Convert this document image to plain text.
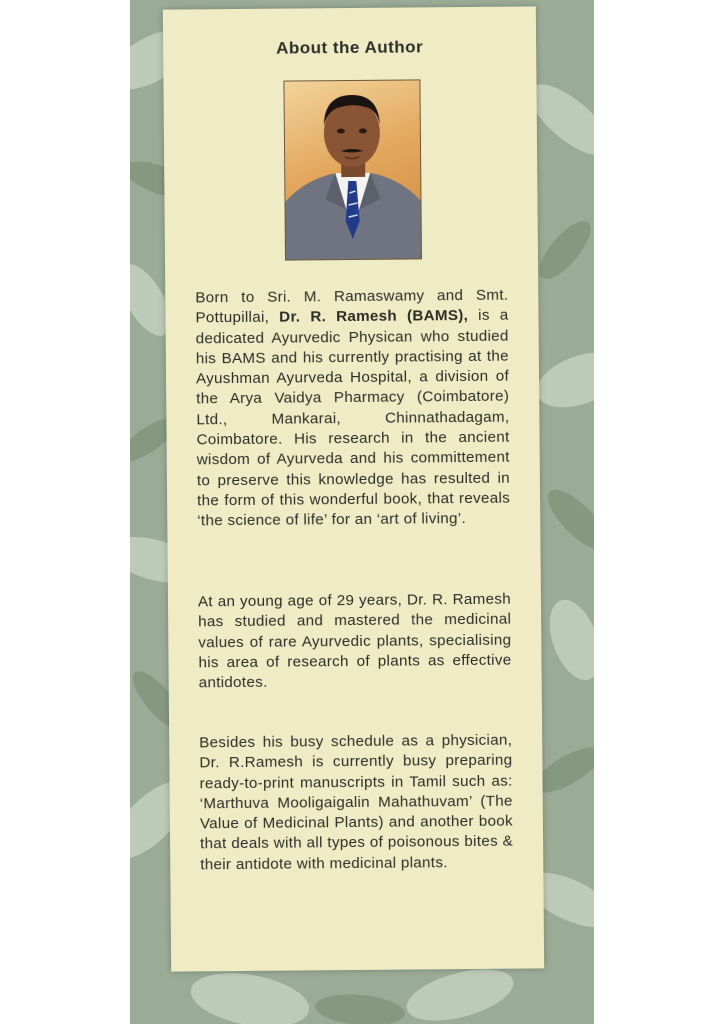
About the Author

Born to Sri. M. Ramaswamy and Smt. Pottupillai, Dr. R. Ramesh (BAMS), is a dedicated Ayurvedic Physican who studied his BAMS and his currently practising at the Ayushman Ayurveda Hospital, a division of the Arya Vaidya Pharmacy (Coimbatore) Ltd., Mankarai, Chinnathadagam, Coimbatore. His research in the ancient wisdom of Ayurveda and his committement to preserve this knowledge has resulted in the form of this wonderful book, that reveals ‘the science of life’ for an ‘art of living’.

At an young age of 29 years, Dr. R. Ramesh has studied and mastered the medicinal values of rare Ayurvedic plants, specialising his area of research of plants as effective antidotes.

Besides his busy schedule as a physician, Dr. R.Ramesh is currently busy preparing ready-to-print manuscripts in Tamil such as: ‘Marthuva Mooligaigalin Mahathuvam’ (The Value of Medicinal Plants) and another book that deals with all types of poisonous bites & their antidote with medicinal plants.
